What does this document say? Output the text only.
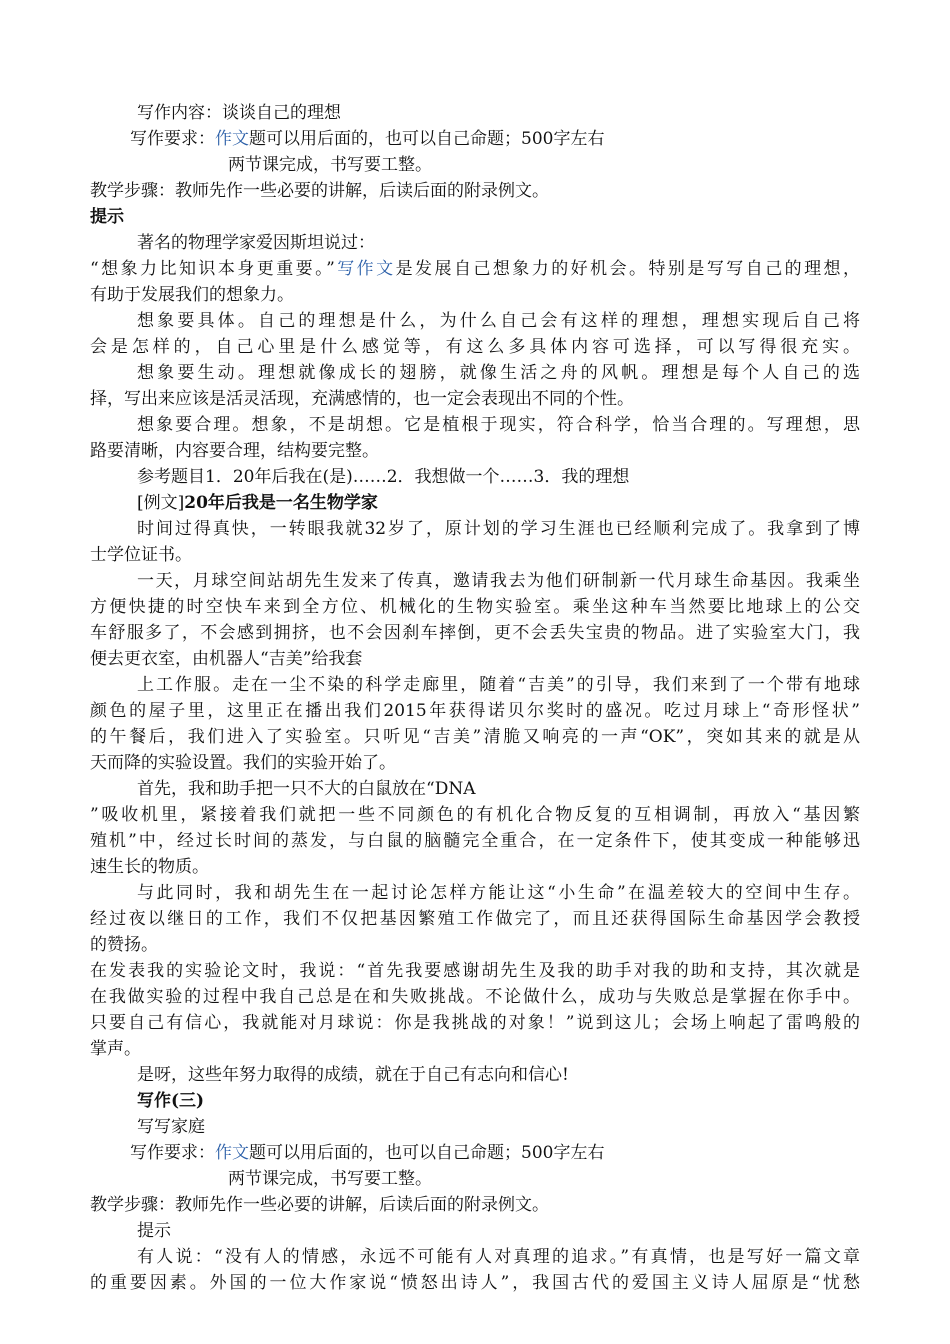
写作内容：谈谈自己的理想
写作要求：作文题可以用后面的，也可以自己命题；500字左右
两节课完成，书写要工整。
教学步骤：教师先作一些必要的讲解，后读后面的附录例文。
提示
著名的物理学家爱因斯坦说过：
“想象力比知识本身更重要。”写作文是发展自己想象力的好机会。特别是写写自己的理想，
有助于发展我们的想象力。
想象要具体。自己的理想是什么，为什么自己会有这样的理想，理想实现后自己将
会是怎样的，自己心里是什么感觉等，有这么多具体内容可选择，可以写得很充实。
想象要生动。理想就像成长的翅膀，就像生活之舟的风帆。理想是每个人自己的选
择，写出来应该是活灵活现，充满感情的，也一定会表现出不同的个性。
想象要合理。想象，不是胡想。它是植根于现实，符合科学，恰当合理的。写理想，思
路要清晰，内容要合理，结构要完整。
参考题目1．20年后我在(是)……2．我想做一个……3．我的理想
[例文]20年后我是一名生物学家
时间过得真快，一转眼我就32岁了，原计划的学习生涯也已经顺利完成了。我拿到了博
士学位证书。
一天，月球空间站胡先生发来了传真，邀请我去为他们研制新一代月球生命基因。我乘坐
方便快捷的时空快车来到全方位、机械化的生物实验室。乘坐这种车当然要比地球上的公交
车舒服多了，不会感到拥挤，也不会因刹车摔倒，更不会丢失宝贵的物品。进了实验室大门，我
便去更衣室，由机器人“吉美”给我套
上工作服。走在一尘不染的科学走廊里，随着“吉美”的引导，我们来到了一个带有地球
颜色的屋子里，这里正在播出我们2015年获得诺贝尔奖时的盛况。吃过月球上“奇形怪状”
的午餐后，我们进入了实验室。只听见“吉美”清脆又响亮的一声“OK”，突如其来的就是从
天而降的实验设置。我们的实验开始了。
首先，我和助手把一只不大的白鼠放在“DNA
”吸收机里，紧接着我们就把一些不同颜色的有机化合物反复的互相调制，再放入“基因繁
殖机”中，经过长时间的蒸发，与白鼠的脑髓完全重合，在一定条件下，使其变成一种能够迅
速生长的物质。
与此同时，我和胡先生在一起讨论怎样方能让这“小生命”在温差较大的空间中生存。
经过夜以继日的工作，我们不仅把基因繁殖工作做完了，而且还获得国际生命基因学会教授
的赞扬。
在发表我的实验论文时，我说：“首先我要感谢胡先生及我的助手对我的助和支持，其次就是
在我做实验的过程中我自己总是在和失败挑战。不论做什么，成功与失败总是掌握在你手中。
只要自己有信心，我就能对月球说：你是我挑战的对象！”说到这儿；会场上响起了雷鸣般的
掌声。
是呀，这些年努力取得的成绩，就在于自己有志向和信心!
写作(三)
写写家庭
写作要求：作文题可以用后面的，也可以自己命题；500字左右
两节课完成，书写要工整。
教学步骤：教师先作一些必要的讲解，后读后面的附录例文。
提示
有人说：“没有人的情感，永远不可能有人对真理的追求。”有真情，也是写好一篇文章
的重要因素。外国的一位大作家说“愤怒出诗人”，我国古代的爱国主义诗人屈原是“忧愁
